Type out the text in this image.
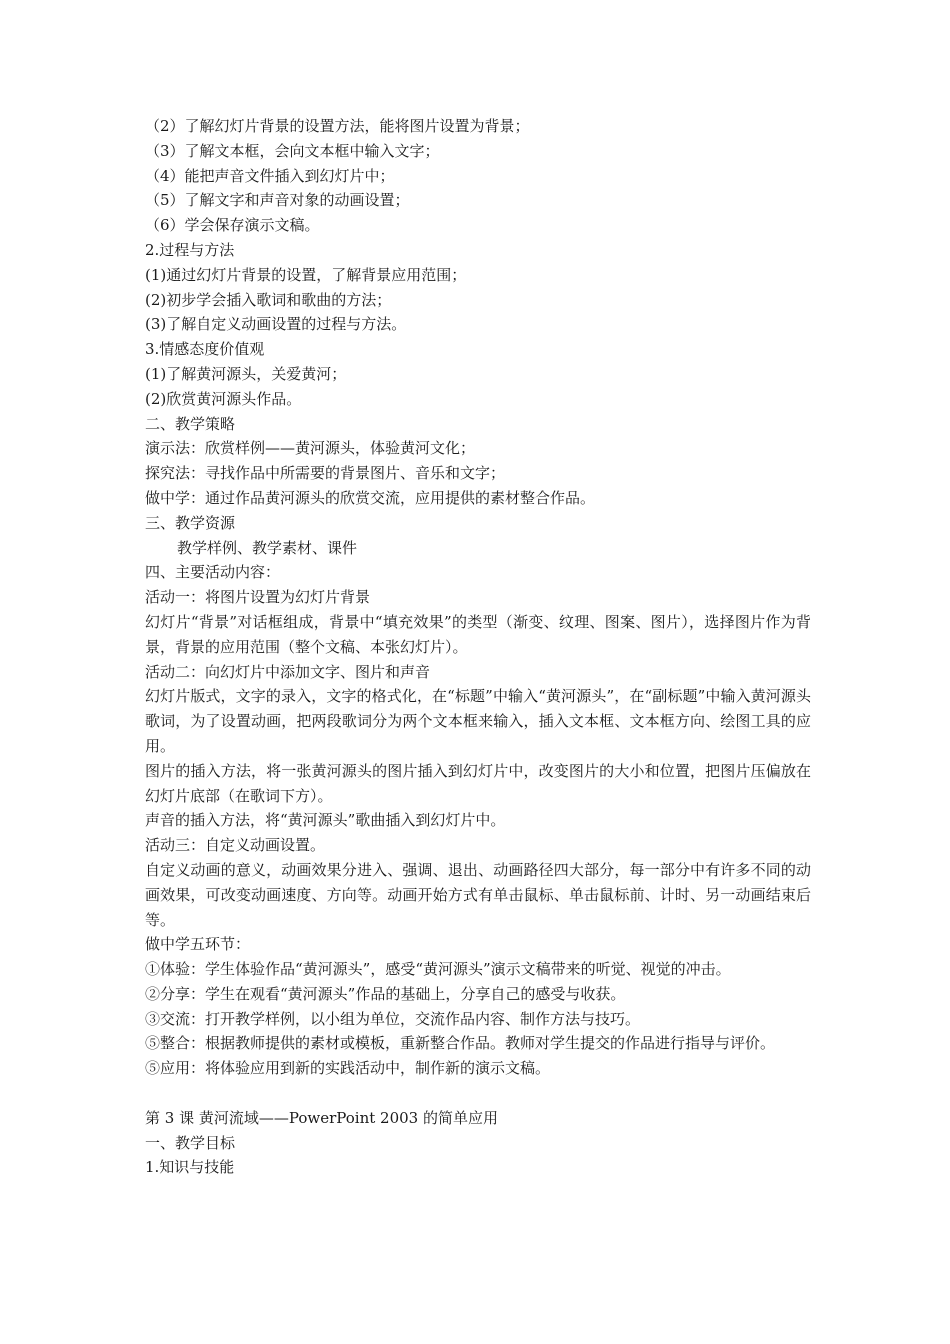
（2）了解幻灯片背景的设置方法，能将图片设置为背景；

（3）了解文本框，会向文本框中输入文字；

（4）能把声音文件插入到幻灯片中；

（5）了解文字和声音对象的动画设置；

（6）学会保存演示文稿。

2.过程与方法

(1)通过幻灯片背景的设置，了解背景应用范围；

(2)初步学会插入歌词和歌曲的方法；

(3)了解自定义动画设置的过程与方法。

3.情感态度价值观

(1)了解黄河源头，关爱黄河；

(2)欣赏黄河源头作品。

二、教学策略

演示法：欣赏样例——黄河源头，体验黄河文化；

探究法：寻找作品中所需要的背景图片、音乐和文字；

做中学：通过作品黄河源头的欣赏交流，应用提供的素材整合作品。

三、教学资源

教学样例、教学素材、课件

四、主要活动内容：

活动一：将图片设置为幻灯片背景

幻灯片“背景”对话框组成，背景中“填充效果”的类型（渐变、纹理、图案、图片），选择图片作为背景，背景的应用范围（整个文稿、本张幻灯片）。

活动二：向幻灯片中添加文字、图片和声音

幻灯片版式，文字的录入，文字的格式化，在“标题”中输入“黄河源头”，在“副标题”中输入黄河源头歌词，为了设置动画，把两段歌词分为两个文本框来输入，插入文本框、文本框方向、绘图工具的应用。

图片的插入方法，将一张黄河源头的图片插入到幻灯片中，改变图片的大小和位置，把图片压偏放在幻灯片底部（在歌词下方）。

声音的插入方法，将“黄河源头”歌曲插入到幻灯片中。

活动三：自定义动画设置。

自定义动画的意义，动画效果分进入、强调、退出、动画路径四大部分，每一部分中有许多不同的动画效果，可改变动画速度、方向等。动画开始方式有单击鼠标、单击鼠标前、计时、另一动画结束后等。

做中学五环节：

①体验：学生体验作品“黄河源头”，感受“黄河源头”演示文稿带来的听觉、视觉的冲击。

②分享：学生在观看“黄河源头”作品的基础上，分享自己的感受与收获。

③交流：打开教学样例，以小组为单位，交流作品内容、制作方法与技巧。

⑤整合：根据教师提供的素材或模板，重新整合作品。教师对学生提交的作品进行指导与评价。

⑤应用：将体验应用到新的实践活动中，制作新的演示文稿。

第 3 课 黄河流域——PowerPoint 2003 的简单应用

一、教学目标

1.知识与技能
